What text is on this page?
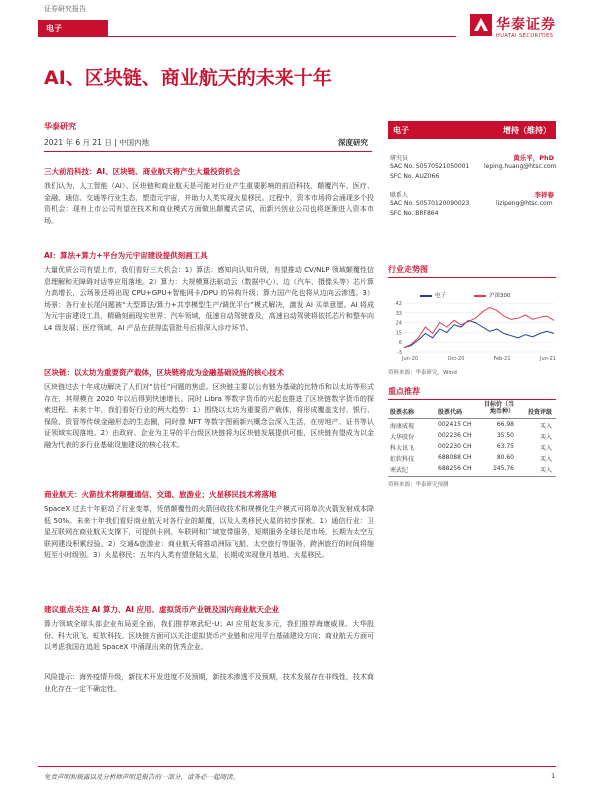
证券研究报告
电子	华泰证券
HUATAI SECURITIES
AI、区块链、商业航天的未来十年
华泰研究
2021 年 6 月 21 日 | 中国内地	深度研究
三大前沿科技：AI、区块链、商业航天将产生大量投资机会
我们认为，人工智能（AI）、区块链和商业航天是可能对行业产生重要影响的前沿科技，颠覆汽车、医疗、金融、通信、交通等行业生态，塑造元宇宙，并助力人类实现火星移民。过程中，资本市场将会涌现多个投资机会：现有上市公司有望在技术和商业模式方面做出颠覆式尝试，而新兴创业公司也将逐渐进入资本市场。
AI：算法+算力+平台为元宇宙建设提供刻画工具
大量优质公司有望上市，我们看好三大机会：1）算法：感知向认知升级，有望推动 CV/NLP 领域颠覆性信息理解和无障碍对话等应用落地。2）算力：大规模算法驱动云（数据中心）、边（汽车、摄像头等）芯片算力高增长，云场景还将出现 CPU+GPU+智能网卡/DPU 的异构升级；算力国产化也将从边向云渗透。3）场景：各行业长尾问题被“大型算法/算力+共享模型生产/调优平台”模式解决，激发 AI 买单意愿。AI 将成为元宇宙建设工具，精确刻画现实世界；汽车领域，低速自动驾驶普及，高速自动驾驶将依托芯片和整车向 L4 级发展；医疗领域，AI 产品在获得监管批号后将深入诊疗环节。
区块链：以太坊为重要资产载体，区块链将成为金融基础设施的核心技术
区块链过去十年成功解决了人们对“信任”问题的焦虑。区块链主要以公有链为基础的比特币和以太坊等形式存在，其规模在 2020 年以后得到快速增长。同时 Libra 等数字货币的兴起也推进了区块链数字货币的探索进程。未来十年，我们看好行业的两大趋势：1）围绕以太坊为重要资产载体，将形成覆盖支付、银行、保险、资管等传统金融形态的生态圈，同时像 NFT 等数字图画新兴概念会深入生活，在房地产、证书等认证领域实现落地。2）由政府、企业为主导的平台级区块链将为区块链发展提供可能，区块链有望成为以金融为代表的多行业基础设施建设的核心技术。
商业航天：火箭技术将颠覆通信、交通、旅游业；火星移民技术将落地
SpaceX 过去十年驱动了行业变革，凭借颠覆性的火箭回收技术和规模化生产模式可将单次火箭发射成本降低 50%。未来十年我们看好商业航天对各行业的颠覆，以及人类移民火星的初步探索。1）通信行业：卫星互联网在商业航天支撑下，可提供卡网、车联网和广域宽带服务，短期服务全球长尾市场，长期为太空互联网建设积累经验。2）交通&旅游业：商业航天将推动洲际飞船、太空旅行等服务，跨洲旅行的时间将缩短至小时级别。3）火星移民：五年内人类有望登陆火星，长期或实现登月基地、火星移民。
建议重点关注 AI 算力、AI 应用、虚拟货币产业链及国内商业航天企业
算力领域全球头部企业布局更全面，我们推荐寒武纪-U；AI 应用赵发多元，我们推荐海康威视、大华股份、科大讯飞、虹软科技。区块链方面可以关注虚拟货币产业链和应用平台基础建设方向；商业航天方面可以考虑我国在追赶 SpaceX 中涌现出来的优秀企业。
风险提示：海外疫情升级，新技术开发进度不及预期，新技术渗透不及预期，技术发展存在非线性，技术商业化存在一定不确定性。
电子	增持（维持）
研究员	黄乐平，PhD
SAC No. S0570521050001 leping.huang@htsc.com
SFC No. AUZ066
联系人	李祥春
SAC No. S0570120090023	lizipeng@htsc.com
SFC No. BRF864
行业走势图
电子	沪深300
-3
6
15
24
33
42
Jun-20	Oct-20	Feb-21	Jun-21
资料来源：华泰研究，Wind
重点推荐
股票名称	股票代码
目标价（当地币种） 投资评级
海康威视	002415 CH	66.98	买入
大华股份	002236 CH	35.50	买入
科大讯飞	002230 CH	63.75	买入
虹软科技	688088 CH	80.60	买入
寒武纪	688256 CH	145.76	买入
资料来源：华泰研究预测
免责声明和披露以及分析师声明是报告的一部分，请务必一起阅读。	1
